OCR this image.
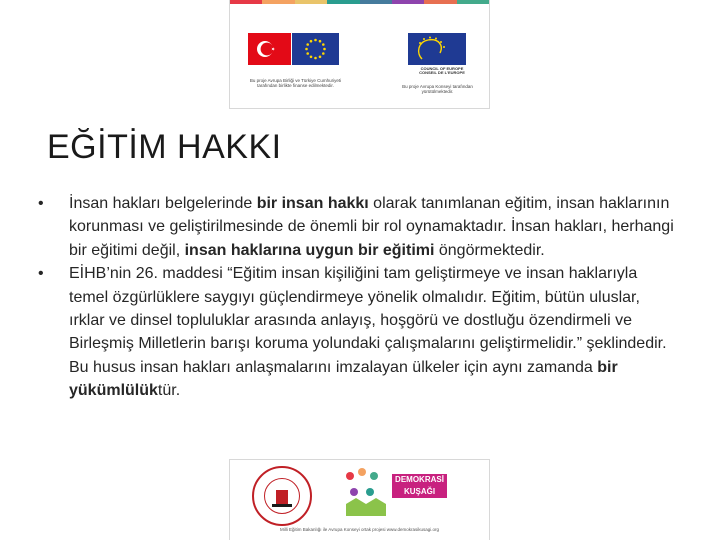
Bu proje Avrupa Birliği ve Türkiye Cumhuriyeti tarafından birlikte finanse edilmektedir.
COUNCIL OF EUROPE CONSEIL DE L'EUROPE
Bu proje Avrupa Konseyi tarafından yürütülmektedir.
EĞİTİM HAKKI
• İnsan hakları belgelerinde bir insan hakkı olarak tanımlanan eğitim, insan haklarının korunması ve geliştirilmesinde de önemli bir rol oynamaktadır. İnsan hakları, herhangi bir eğitimi değil, insan haklarına uygun bir eğitimi öngörmektedir.
• EİHB’nin 26. maddesi “Eğitim insan kişiliğini tam geliştirmeye ve insan haklarıyla temel özgürlüklere saygıyı güçlendirmeye yönelik olmalıdır. Eğitim, bütün uluslar, ırklar ve dinsel topluluklar arasında anlayış, hoşgörü ve dostluğu özendirmeli ve Birleşmiş Milletlerin barışı koruma yolundaki çalışmalarını geliştirmelidir.” şeklindedir. Bu husus insan hakları anlaşmalarını imzalayan ülkeler için aynı zamanda bir yükümlülüktür.
DEMOKRASİ KUŞAĞI
Milli Eğitim Bakanlığı ile Avrupa Konseyi ortak projesi www.demokrasikusagi.org
